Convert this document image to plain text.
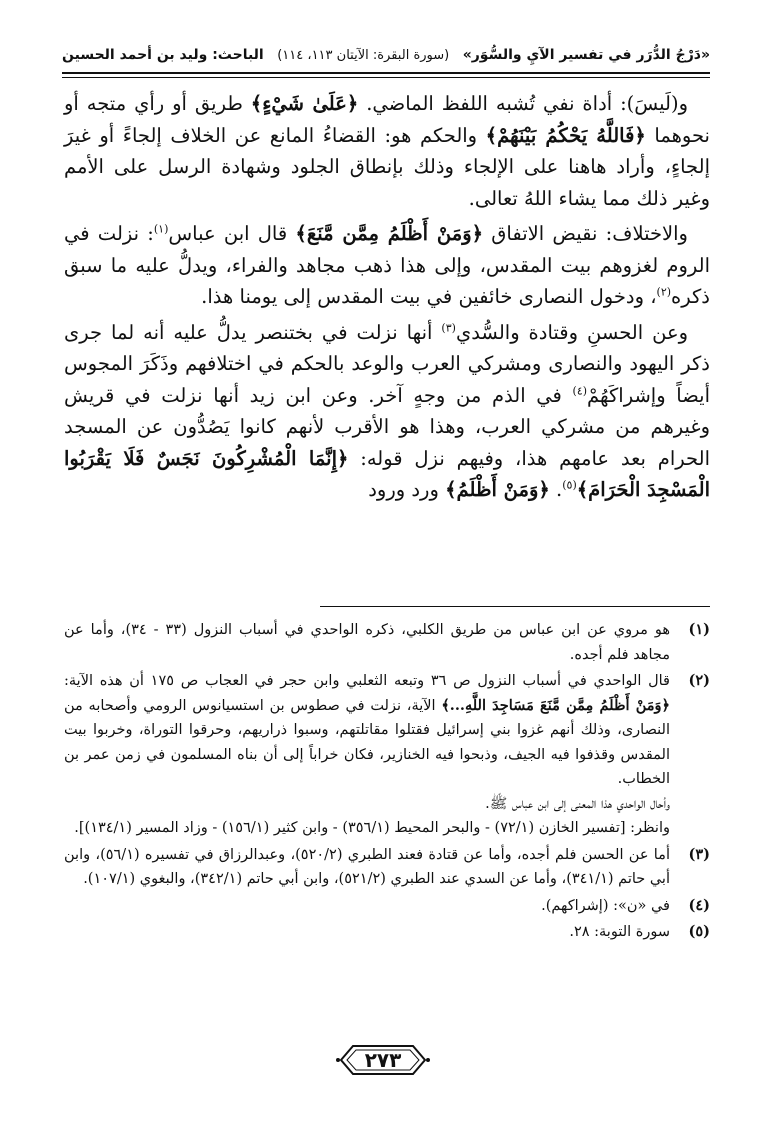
«دَرْجُ الدُّرَر في تفسير الآيِ والسُّوَر»
(سورة البقرة: الآيتان ١١٣، ١١٤)
الباحث: وليد بن أحمد الحسين

و(لَيسَ): أداة نفي تُشبه اللفظ الماضي. ﴿عَلَىٰ شَيْءٍ﴾ طريق أو رأي متجه أو نحوهما ﴿فَاللَّهُ يَحْكُمُ بَيْنَهُمْ﴾ والحكم هو: القضاءُ المانع عن الخلاف إلجاءً أو غيرَ إلجاءٍ، وأراد هاهنا على الإلجاء وذلك بإنطاق الجلود وشهادة الرسل على الأمم وغير ذلك مما يشاء اللهُ تعالى.

والاختلاف: نقيض الاتفاق ﴿وَمَنْ أَظْلَمُ مِمَّن مَّنَعَ﴾ قال ابن عباس$^{(١)}$: نزلت في الروم لغزوهم بيت المقدس، وإلى هذا ذهب مجاهد والفراء، ويدلُّ عليه ما سبق ذكره$^{(٢)}$، ودخول النصارى خائفين في بيت المقدس إلى يومنا هذا.

وعن الحسنِ وقتادة والسُّدي$^{(٣)}$ أنها نزلت في بختنصر يدلُّ عليه أنه لما جرى ذكر اليهود والنصارى ومشركي العرب والوعد بالحكم في اختلافهم وذَكَرَ المجوس أيضاً وإشراكَهُمْ$^{(٤)}$ في الذم من وجهٍ آخر. وعن ابن زيد أنها نزلت في قريش وغيرهم من مشركي العرب، وهذا هو الأقرب لأنهم كانوا يَصُدُّون عن المسجد الحرام بعد عامهم هذا، وفيهم نزل قوله: ﴿إِنَّمَا الْمُشْرِكُونَ نَجَسٌ فَلَا يَقْرَبُوا الْمَسْجِدَ الْحَرَامَ﴾$^{(٥)}$. ﴿وَمَنْ أَظْلَمُ﴾ ورد ورود

(١)
هو مروي عن ابن عباس من طريق الكلبي، ذكره الواحدي في أسباب النزول (٣٣ - ٣٤)، وأما عن مجاهد فلم أجده.
(٢)
قال الواحدي في أسباب النزول ص ٣٦ وتبعه الثعلبي وابن حجر في العجاب ص ١٧٥ أن هذه الآية: ﴿وَمَنْ أَظْلَمُ مِمَّن مَّنَعَ مَسَاجِدَ اللَّهِ...﴾ الآية، نزلت في صطوس بن استسيانوس الرومي وأصحابه من النصارى، وذلك أنهم غزوا بني إسرائيل فقتلوا مقاتلتهم، وسبوا ذراريهم، وحرقوا التوراة، وخربوا بيت المقدس وقذفوا فيه الجيف، وذبحوا فيه الخنازير، فكان خراباً إلى أن بناه المسلمون في زمن عمر بن الخطاب.
وأحال الواحدي هذا المعنى إلى ابن عباس ﷺ.
وانظر: [تفسير الخازن (٧٢/١) - والبحر المحيط (٣٥٦/١) - وابن كثير (١٥٦/١) - وزاد المسير (١٣٤/١)].
(٣)
أما عن الحسن فلم أجده، وأما عن قتادة فعند الطبري (٥٢٠/٢)، وعبدالرزاق في تفسيره (٥٦/١)، وابن أبي حاتم (٣٤١/١)، وأما عن السدي عند الطبري (٥٢١/٢)، وابن أبي حاتم (٣٤٢/١)، والبغوي (١٠٧/١).
(٤)
في «ن»: (إشراكهم).
(٥)
سورة التوبة: ٢٨.
٢٧٣
